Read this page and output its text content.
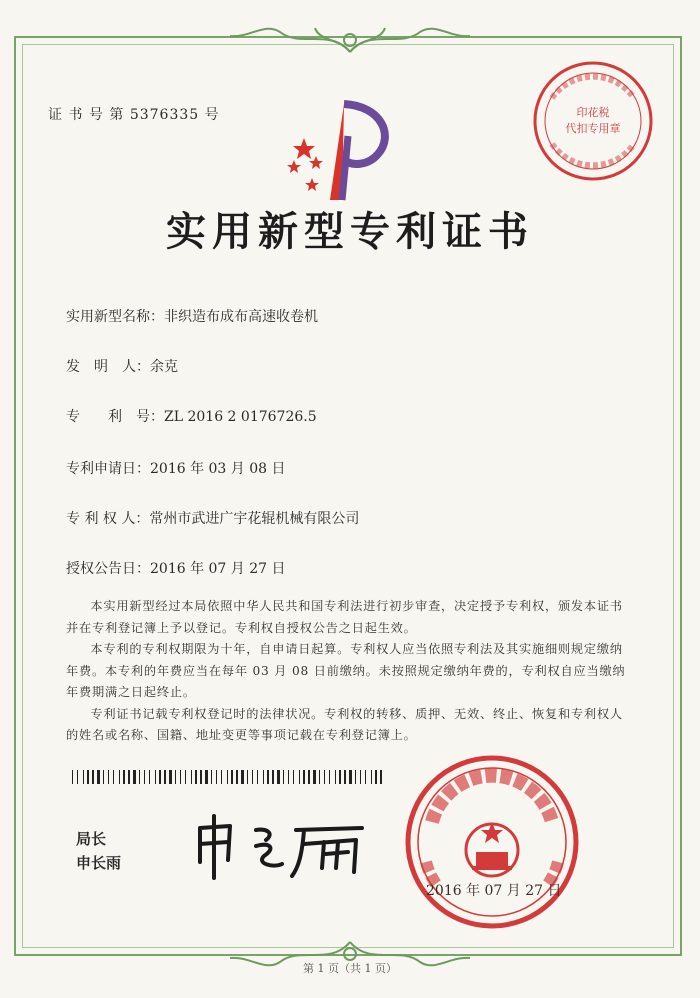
证 书 号 第 5376335 号	印花税
代扣专用章
实用新型专利证书
实用新型名称：非织造布成布高速收卷机
发　明　人：余克
专　　利　号：ZL 2016 2 0176726.5
专利申请日：2016 年 03 月 08 日
专 利 权 人：常州市武进广宇花辊机械有限公司
授权公告日：2016 年 07 月 27 日

本实用新型经过本局依照中华人民共和国专利法进行初步审查，决定授予专利权，颁发本证书并在专利登记簿上予以登记。专利权自授权公告之日起生效。

本专利的专利权期限为十年，自申请日起算。专利权人应当依照专利法及其实施细则规定缴纳年费。本专利的年费应当在每年 03 月 08 日前缴纳。未按照规定缴纳年费的，专利权自应当缴纳年费期满之日起终止。

专利证书记载专利权登记时的法律状况。专利权的转移、质押、无效、终止、恢复和专利权人的姓名或名称、国籍、地址变更等事项记载在专利登记簿上。

局长
申长雨
2016 年 07 月 27 日
第 1 页（共 1 页）
